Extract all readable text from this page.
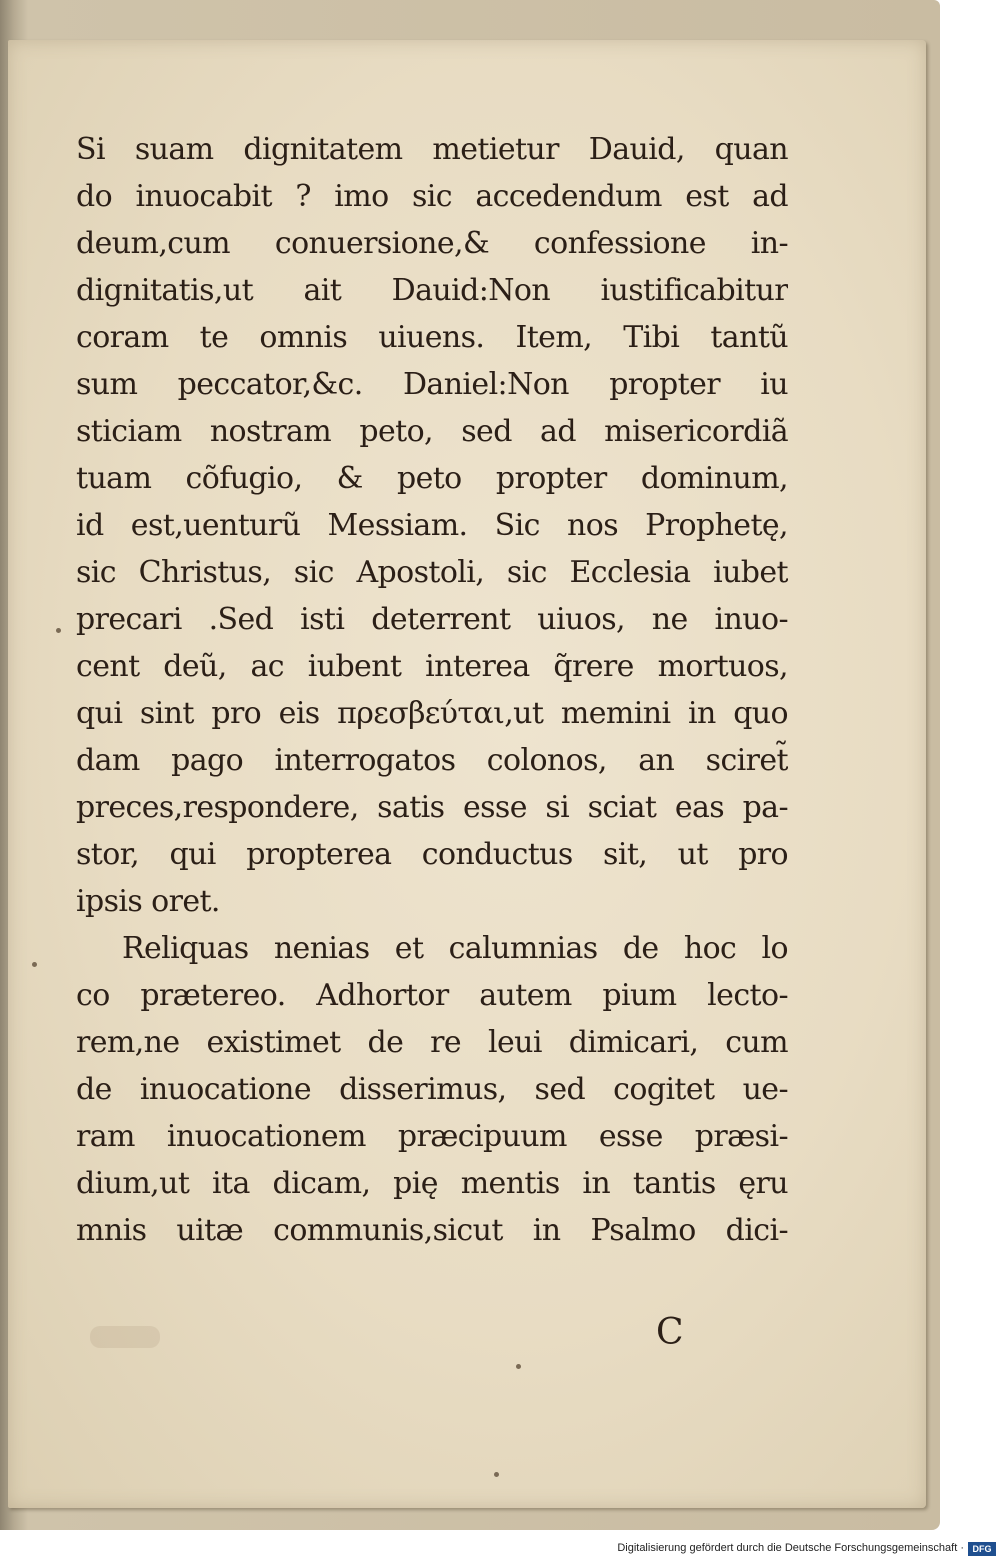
Si suam dignitatem metietur Dauid, quan
do inuocabit ? imo sic accedendum est ad
deum,cum conuersione,& confessione in-
dignitatis,ut ait Dauid:Non iustificabitur
coram te omnis uiuens. Item, Tibi tantũ
sum peccator,&c. Daniel:Non propter iu
sticiam nostram peto, sed ad misericordiã
tuam cõfugio, & peto propter dominum,
id est,uenturũ Messiam. Sic nos Prophetę,
sic Christus, sic Apostoli, sic Ecclesia iubet
precari .Sed isti deterrent uiuos, ne inuo-
cent deũ, ac iubent interea q̃rere mortuos,
qui sint pro eis πρεσβεύται,ut memini in quo
dam pago interrogatos colonos, an sciret̃
preces,respondere, satis esse si sciat eas pa-
stor, qui propterea conductus sit, ut pro
ipsis oret.
Reliquas nenias et calumnias de hoc lo
co prætereo. Adhortor autem pium lecto-
rem,ne existimet de re leui dimicari, cum
de inuocatione disserimus, sed cogitet ue-
ram inuocationem præcipuum esse præsi-
dium,ut ita dicam, pię mentis in tantis ęru
mnis uitæ communis,sicut in Psalmo dici-
C
Digitalisierung gefördert durch die Deutsche Forschungsgemeinschaft · DFG
